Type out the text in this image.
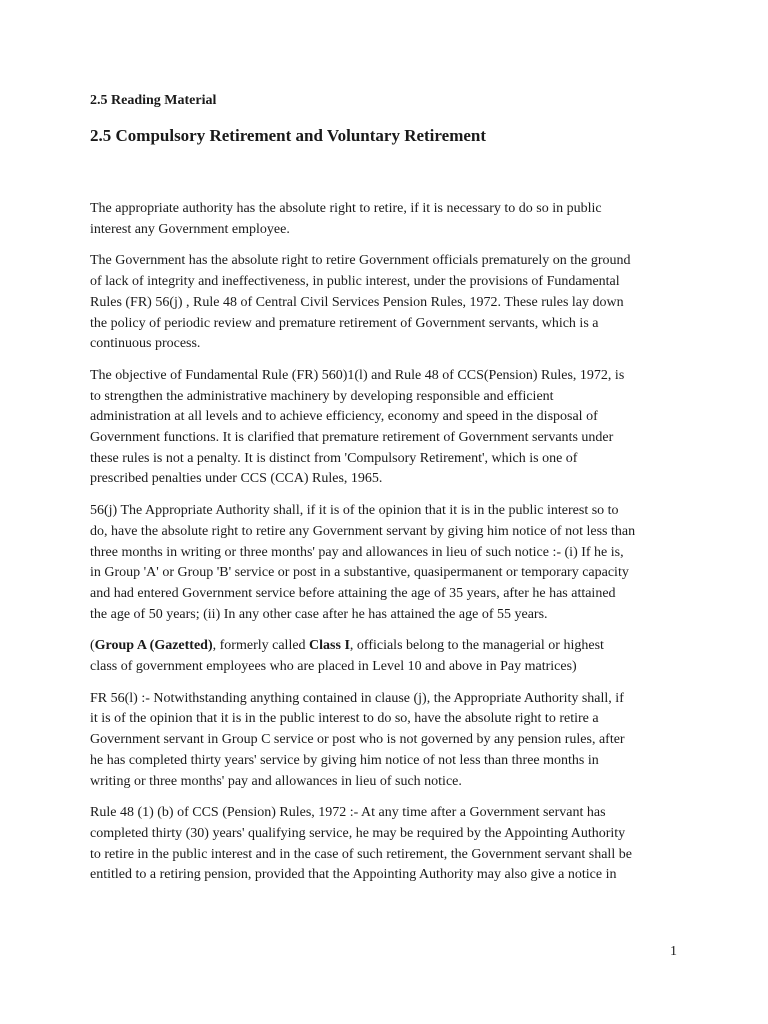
2.5 Reading Material
2.5 Compulsory Retirement and Voluntary Retirement

The appropriate authority has the absolute right to retire, if it is necessary to do so in public
interest any Government employee.

The Government has the absolute right to retire Government officials prematurely on the ground
of lack of integrity and ineffectiveness, in public interest, under the provisions of Fundamental
Rules (FR) 56(j) , Rule 48 of Central Civil Services Pension Rules, 1972. These rules lay down
the policy of periodic review and premature retirement of Government servants, which is a
continuous process.

The objective of Fundamental Rule (FR) 560)1(l) and Rule 48 of CCS(Pension) Rules, 1972, is
to strengthen the administrative machinery by developing responsible and efficient
administration at all levels and to achieve efficiency, economy and speed in the disposal of
Government functions. It is clarified that premature retirement of Government servants under
these rules is not a penalty. It is distinct from 'Compulsory Retirement', which is one of
prescribed penalties under CCS (CCA) Rules, 1965.

56(j) The Appropriate Authority shall, if it is of the opinion that it is in the public interest so to
do, have the absolute right to retire any Government servant by giving him notice of not less than
three months in writing or three months' pay and allowances in lieu of such notice :- (i) If he is,
in Group 'A' or Group 'B' service or post in a substantive, quasipermanent or temporary capacity
and had entered Government service before attaining the age of 35 years, after he has attained
the age of 50 years; (ii) In any other case after he has attained the age of 55 years.

(Group A (Gazetted), formerly called Class I, officials belong to the managerial or highest
class of government employees who are placed in Level 10 and above in Pay matrices)

FR 56(l) :- Notwithstanding anything contained in clause (j), the Appropriate Authority shall, if
it is of the opinion that it is in the public interest to do so, have the absolute right to retire a
Government servant in Group C service or post who is not governed by any pension rules, after
he has completed thirty years' service by giving him notice of not less than three months in
writing or three months' pay and allowances in lieu of such notice.

Rule 48 (1) (b) of CCS (Pension) Rules, 1972 :- At any time after a Government servant has
completed thirty (30) years' qualifying service, he may be required by the Appointing Authority
to retire in the public interest and in the case of such retirement, the Government servant shall be
entitled to a retiring pension, provided that the Appointing Authority may also give a notice in

1
